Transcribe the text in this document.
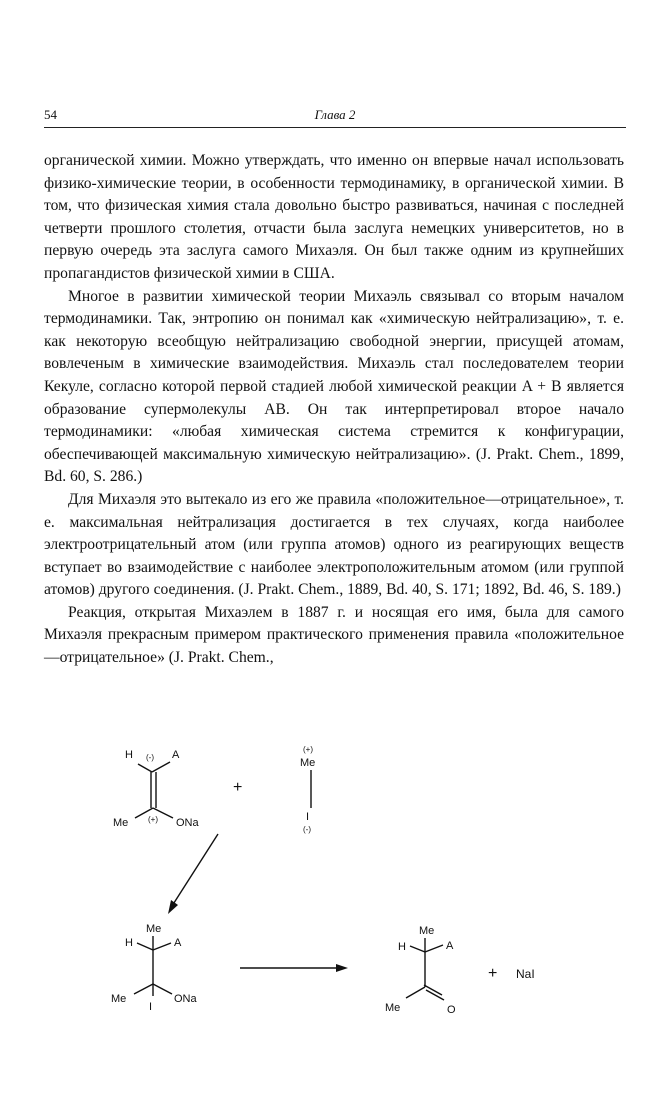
54	Глава 2

органической химии. Можно утверждать, что именно он впервые начал использовать физико-химические теории, в особенности термодинамику, в органической химии. В том, что физическая химия стала довольно быстро развиваться, начиная с последней четверти прошлого столетия, отчасти была заслуга немецких университетов, но в первую очередь эта заслуга самого Михаэля. Он был также одним из крупнейших пропагандистов физической химии в США.

Многое в развитии химической теории Михаэль связывал со вторым началом термодинамики. Так, энтропию он понимал как «химическую нейтрализацию», т. е. как некоторую всеобщую нейтрализацию свободной энергии, присущей атомам, вовлеченым в химические взаимодействия. Михаэль стал последователем теории Кекуле, согласно которой первой стадией любой химической реакции A + B является образование супермолекулы AB. Он так интерпретировал второе начало термодинамики: «любая химическая система стремится к конфигурации, обеспечивающей максимальную химическую нейтрализацию». (J. Prakt. Chem., 1899, Bd. 60, S. 286.)

Для Михаэля это вытекало из его же правила «положительное—отрицательное», т. е. максимальная нейтрализация достигается в тех случаях, когда наиболее электроотрицательный атом (или группа атомов) одного из реагирующих веществ вступает во взаимодействие с наиболее электроположительным атомом (или группой атомов) другого соединения. (J. Prakt. Chem., 1889, Bd. 40, S. 171; 1892, Bd. 46, S. 189.)

Реакция, открытая Михаэлем в 1887 г. и носящая его имя, была для самого Михаэля прекрасным примером практического применения правила «положительное—отрицательное» (J. Prakt. Chem.,

H (-) A
Me (+) ONa
+
(+)
Me
I
(-)
Me
H	A
Me	ONa
I
Me
H	A
Me	O
+ NaI
